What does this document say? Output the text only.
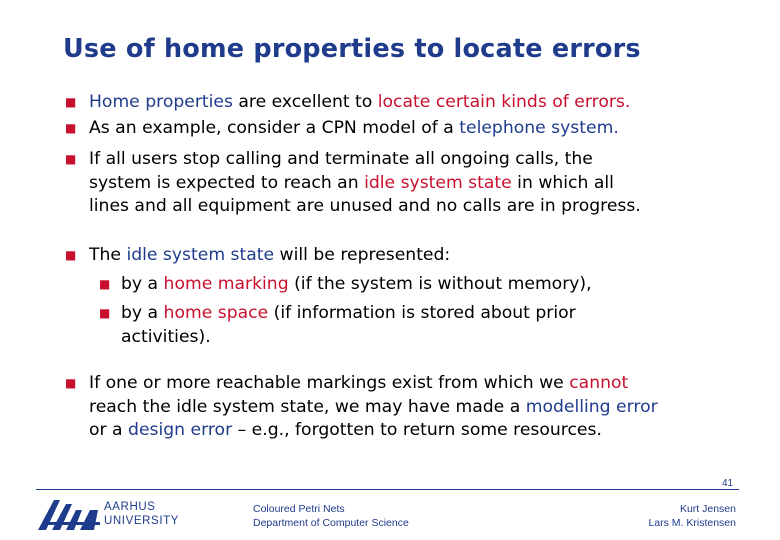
Use of home properties to locate errors
■ Home properties are excellent to locate certain kinds of errors.
■ As an example, consider a CPN model of a telephone system.
■ If all users stop calling and terminate all ongoing calls, the
system is expected to reach an idle system state in which all
lines and all equipment are unused and no calls are in progress.
■ The idle system state will be represented:
■ by a home marking (if the system is without memory),
■ by a home space (if information is stored about prior
activities).
■ If one or more reachable markings exist from which we cannot
reach the idle system state, we may have made a modelling error
or a design error – e.g., forgotten to return some resources.
41
AARHUS
UNIVERSITY
Coloured Petri Nets
Department of Computer Science
Kurt Jensen
Lars M. Kristensen
